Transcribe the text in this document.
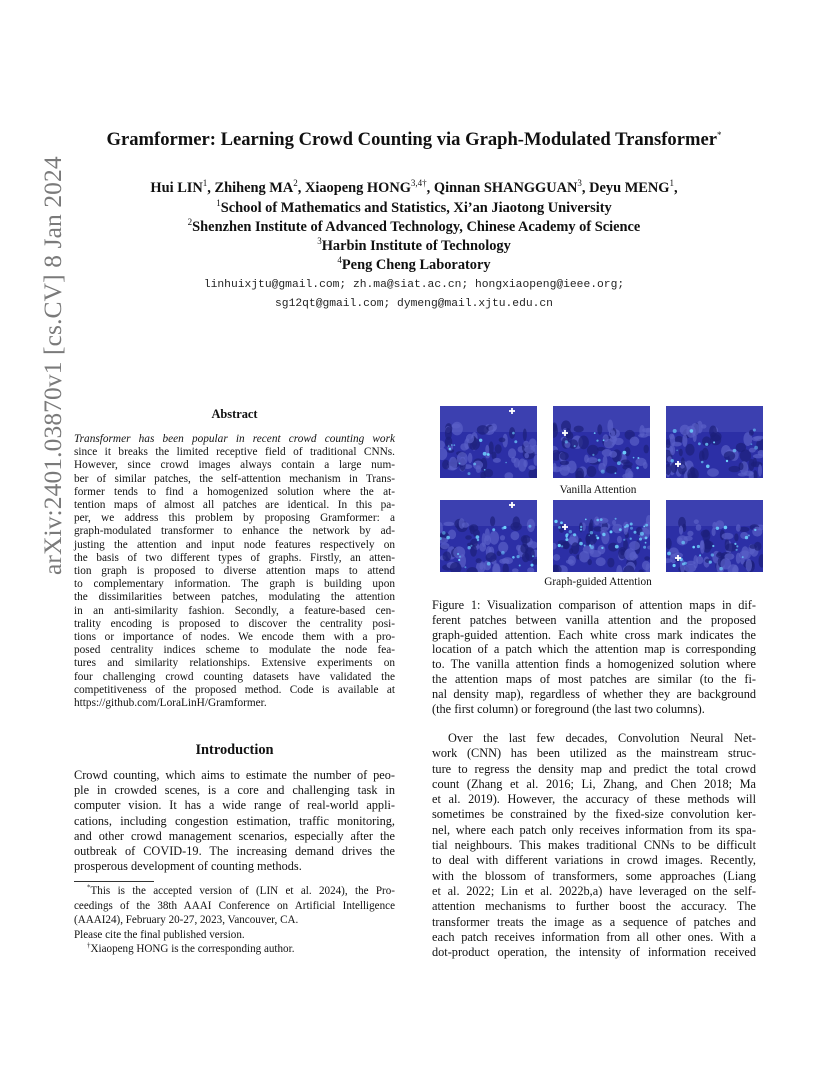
arXiv:2401.03870v1 [cs.CV] 8 Jan 2024
Gramformer: Learning Crowd Counting via Graph-Modulated Transformer*
Hui LIN$^1$, Zhiheng $MA^2$, Xiaopeng $HONG^{3,4\dagger}$, Qinnan SHANGGUAN$^3$, Deyu MENG$^1$,
$^1$School of Mathematics and Statistics, Xi’an Jiaotong University
$^2$Shenzhen Institute of Advanced Technology, Chinese Academy of Science
$^3$Harbin Institute of Technology
$^4$Peng Cheng Laboratory
linhuixjtu@gmail.com; zh.ma@siat.ac.cn; hongxiaopeng@ieee.org;
sg12qt@gmail.com; dymeng@mail.xjtu.edu.cn
Abstract
Transformer has been popular in recent crowd counting work
since it breaks the limited receptive field of traditional CNNs.
However, since crowd images always contain a large num-
ber of similar patches, the self-attention mechanism in Trans-
former tends to find a homogenized solution where the at-
tention maps of almost all patches are identical. In this pa-
per, we address this problem by proposing Gramformer: a
graph-modulated transformer to enhance the network by ad-
justing the attention and input node features respectively on
the basis of two different types of graphs. Firstly, an atten-
tion graph is proposed to diverse attention maps to attend
to complementary information. The graph is building upon
the dissimilarities between patches, modulating the attention
in an anti-similarity fashion. Secondly, a feature-based cen-
trality encoding is proposed to discover the centrality posi-
tions or importance of nodes. We encode them with a pro-
posed centrality indices scheme to modulate the node fea-
tures and similarity relationships. Extensive experiments on
four challenging crowd counting datasets have validated the
competitiveness of the proposed method. Code is available at
https://github.com/LoraLinH/Gramformer.
Introduction
Crowd counting, which aims to estimate the number of peo-
ple in crowded scenes, is a core and challenging task in
computer vision. It has a wide range of real-world appli-
cations, including congestion estimation, traffic monitoring,
and other crowd management scenarios, especially after the
outbreak of COVID-19. The increasing demand drives the
prosperous development of counting methods.
*This is the accepted version of (LIN et al. 2024), the Pro-
ceedings of the 38th AAAI Conference on Artificial Intelligence
(AAAI24), February 20-27, 2023, Vancouver, CA.
Please cite the final published version.
†Xiaopeng HONG is the corresponding author.
Vanilla Attention
Graph-guided Attention
Figure 1: Visualization comparison of attention maps in dif-
ferent patches between vanilla attention and the proposed
graph-guided attention. Each white cross mark indicates the
location of a patch which the attention map is corresponding
to. The vanilla attention finds a homogenized solution where
the attention maps of most patches are similar (to the fi-
nal density map), regardless of whether they are background
(the first column) or foreground (the last two columns).
Over the last few decades, Convolution Neural Net-
work (CNN) has been utilized as the mainstream struc-
ture to regress the density map and predict the total crowd
count (Zhang et al. 2016; Li, Zhang, and Chen 2018; Ma
et al. 2019). However, the accuracy of these methods will
sometimes be constrained by the fixed-size convolution ker-
nel, where each patch only receives information from its spa-
tial neighbours. This makes traditional CNNs to be difficult
to deal with different variations in crowd images. Recently,
with the blossom of transformers, some approaches (Liang
et al. 2022; Lin et al. 2022b,a) have leveraged on the self-
attention mechanisms to further boost the accuracy. The
transformer treats the image as a sequence of patches and
each patch receives information from all other ones. With a
dot-product operation, the intensity of information received
